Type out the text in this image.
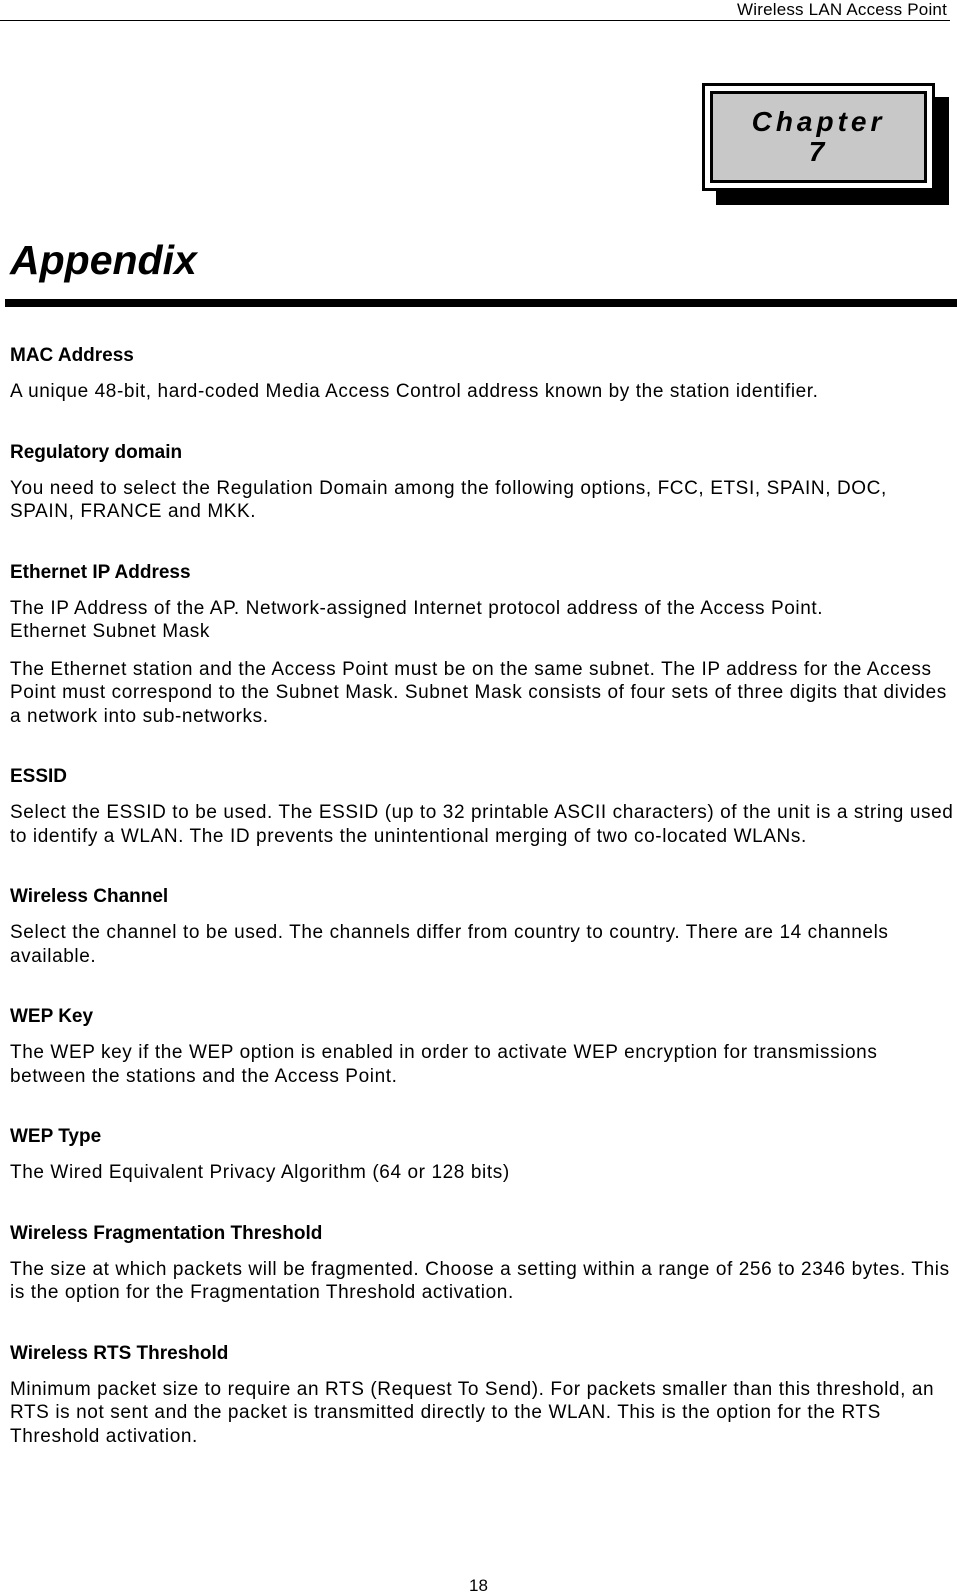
Wireless LAN Access Point
Chapter
7
Appendix

MAC Address

A unique 48-bit, hard-coded Media Access Control address known by the station identifier.

Regulatory domain

You need to select the Regulation Domain among the following options, FCC, ETSI, SPAIN, DOC, SPAIN, FRANCE and MKK.

Ethernet IP Address

The IP Address of the AP. Network-assigned Internet protocol address of the Access Point.

Ethernet Subnet Mask

The Ethernet station and the Access Point must be on the same subnet. The IP address for the Access Point must correspond to the Subnet Mask. Subnet Mask consists of four sets of three digits that divides a network into sub-networks.

ESSID

Select the ESSID to be used. The ESSID (up to 32 printable ASCII characters) of the unit is a string used to identify a WLAN. The ID prevents the unintentional merging of two co-located WLANs.

Wireless Channel

Select the channel to be used. The channels differ from country to country. There are 14 channels available.

WEP Key

The WEP key if the WEP option is enabled in order to activate WEP encryption for transmissions between the stations and the Access Point.

WEP Type

The Wired Equivalent Privacy Algorithm (64 or 128 bits)

Wireless Fragmentation Threshold

The size at which packets will be fragmented. Choose a setting within a range of 256 to 2346 bytes. This is the option for the Fragmentation Threshold activation.

Wireless RTS Threshold

Minimum packet size to require an RTS (Request To Send). For packets smaller than this threshold, an RTS is not sent and the packet is transmitted directly to the WLAN. This is the option for the RTS Threshold activation.

18
